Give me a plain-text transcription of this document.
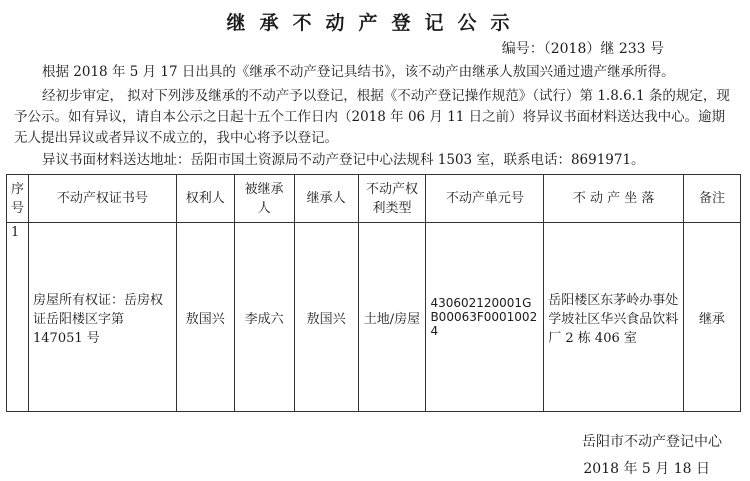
继承不动产登记公示
编号：（2018）继 233 号

根据 2018 年 5 月 17 日出具的《继承不动产登记具结书》，该不动产由继承人敖国兴通过遗产继承所得。

经初步审定， 拟对下列涉及继承的不动产予以登记，根据《不动产登记操作规范》（试行）第 1.8.6.1 条的规定，现予公示。如有异议，请自本公示之日起十五个工作日内（2018 年 06 月 11 日之前）将异议书面材料送达我中心。逾期无人提出异议或者异议不成立的，我中心将予以登记。

异议书面材料送达地址：岳阳市国土资源局不动产登记中心法规科 1503 室，联系电话：8691971。

序号	不动产权证书号	权利人	被继承人	继承人	不动产权利类型	不动产单元号	不 动 产 坐 落	备注
1	房屋所有权证：岳房权证岳阳楼区字第 147051 号	敖国兴	李成六	敖国兴	土地/房屋	430602120001GB00063F00010024	岳阳楼区东茅岭办事处学坡社区华兴食品饮料厂 2 栋 406 室	继承
岳阳市不动产登记中心
2018 年 5 月 18 日
